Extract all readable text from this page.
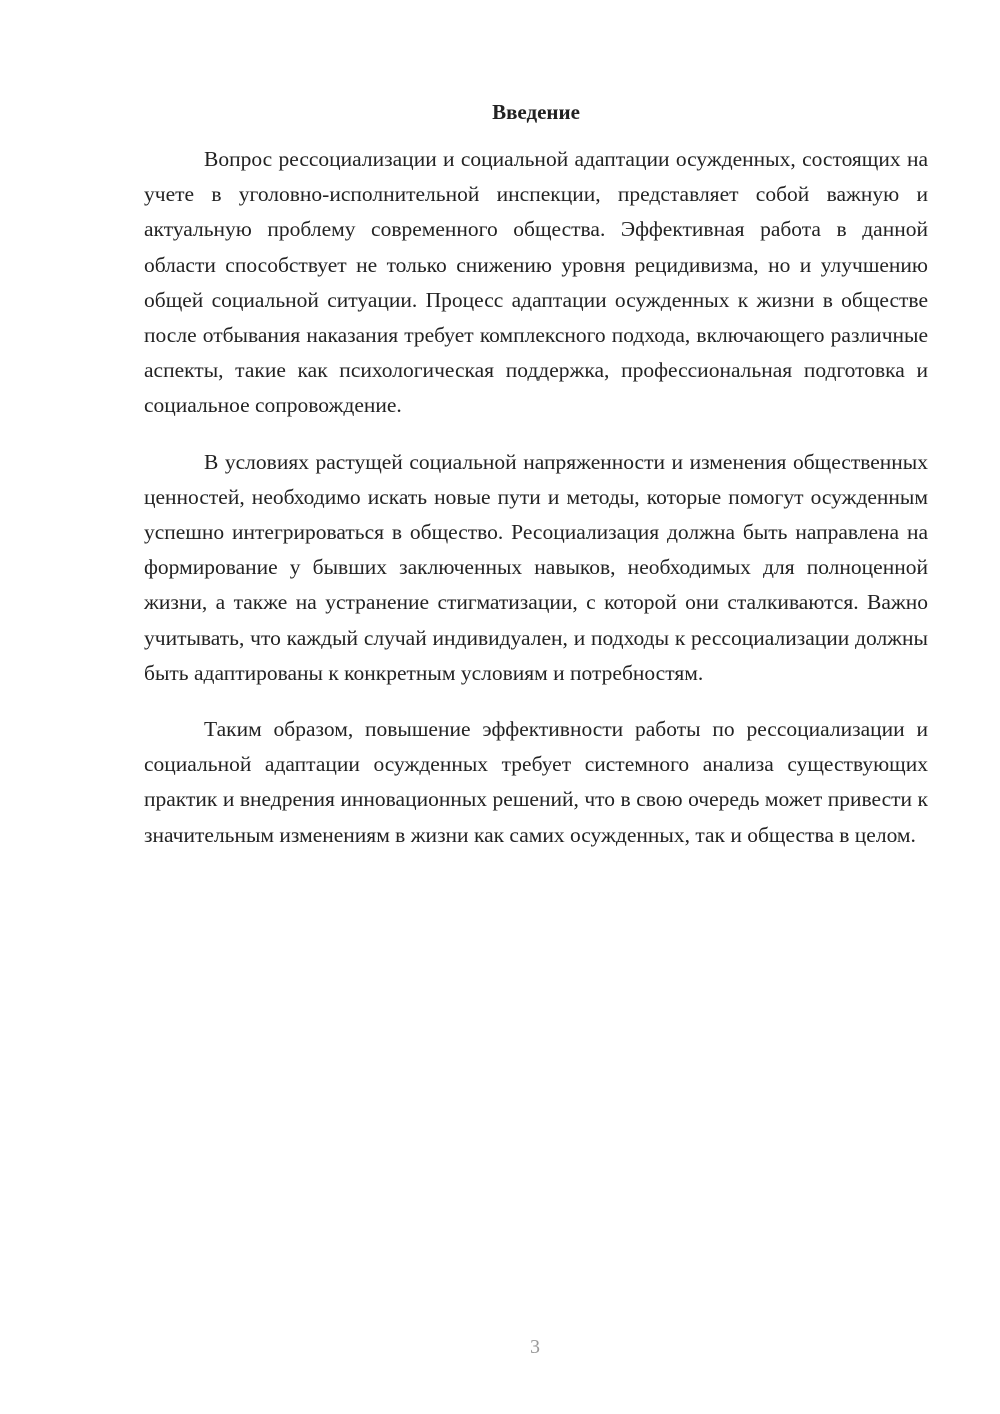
Введение

Вопрос рессоциализации и социальной адаптации осужденных, состоящих на учете в уголовно-исполнительной инспекции, представляет собой важную и актуальную проблему современного общества. Эффективная работа в данной области способствует не только снижению уровня рецидивизма, но и улучшению общей социальной ситуации. Процесс адаптации осужденных к жизни в обществе после отбывания наказания требует комплексного подхода, включающего различные аспекты, такие как психологическая поддержка, профессиональная подготовка и социальное сопровождение.

В условиях растущей социальной напряженности и изменения общественных ценностей, необходимо искать новые пути и методы, которые помогут осужденным успешно интегрироваться в общество. Ресоциализация должна быть направлена на формирование у бывших заключенных навыков, необходимых для полноценной жизни, а также на устранение стигматизации, с которой они сталкиваются. Важно учитывать, что каждый случай индивидуален, и подходы к рессоциализации должны быть адаптированы к конкретным условиям и потребностям.

Таким образом, повышение эффективности работы по рессоциализации и социальной адаптации осужденных требует системного анализа существующих практик и внедрения инновационных решений, что в свою очередь может привести к значительным изменениям в жизни как самих осужденных, так и общества в целом.

3
